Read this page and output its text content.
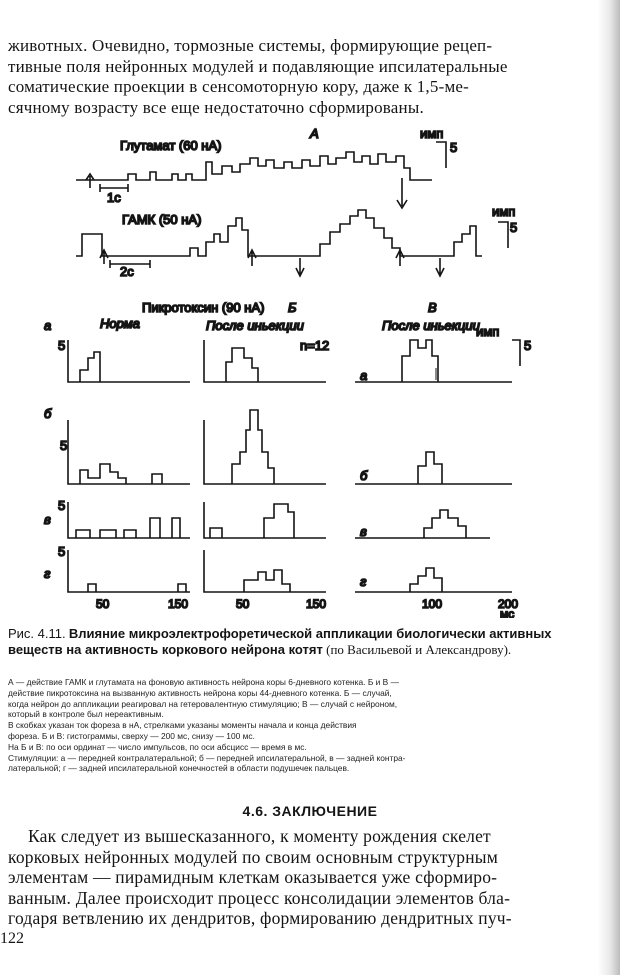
животных. Очевидно, тормозные системы, формирующие рецеп-
тивные поля нейронных модулей и подавляющие ипсилатеральные
соматические проекции в сенсомоторную кору, даже к 1,5-ме-
сячному возрасту все еще недостаточно сформированы.
А
Глутамат (60 нА)
имп
5
1с
ГАМК (50 нА)
имп
5
2с
Пикротоксин (90 нА) Б	В
Норма	После иньекции	После иньекции
n=12
имп
5
а
5
а
б
5
б
в
5
в
г
5
г
50	150	50	150	100	200
мс
Рис. 4.11. Влияние микроэлектрофоретической аппликации биологически активных веществ на активность коркового нейрона котят (по Васильевой и Александрову).
А — действие ГАМК и глутамата на фоновую активность нейрона коры 6-дневного котенка. Б и В —
действие пикротоксина на вызванную активность нейрона коры 44-дневного котенка. Б — случай,
когда нейрон до аппликации реагировал на гетеровалентную стимуляцию; В — случай с нейроном,
который в контроле был нереактивным.
В скобках указан ток фореза в нА, стрелками указаны моменты начала и конца действия
фореза. Б и В: гистограммы, сверху — 200 мс, снизу — 100 мс.
На Б и В: по оси ординат — число импульсов, по оси абсцисс — время в мс.
Стимуляции: а — передней контралатеральной; б — передней ипсилатеральной, в — задней контра-
латеральной; г — задней ипсилатеральной конечностей в области подушечек пальцев.
4.6. ЗАКЛЮЧЕНИЕ
Как следует из вышесказанного, к моменту рождения скелет
корковых нейронных модулей по своим основным структурным
элементам — пирамидным клеткам оказывается уже сформиро-
ванным. Далее происходит процесс консолидации элементов бла-
годаря ветвлению их дендритов, формированию дендритных пуч-
122
